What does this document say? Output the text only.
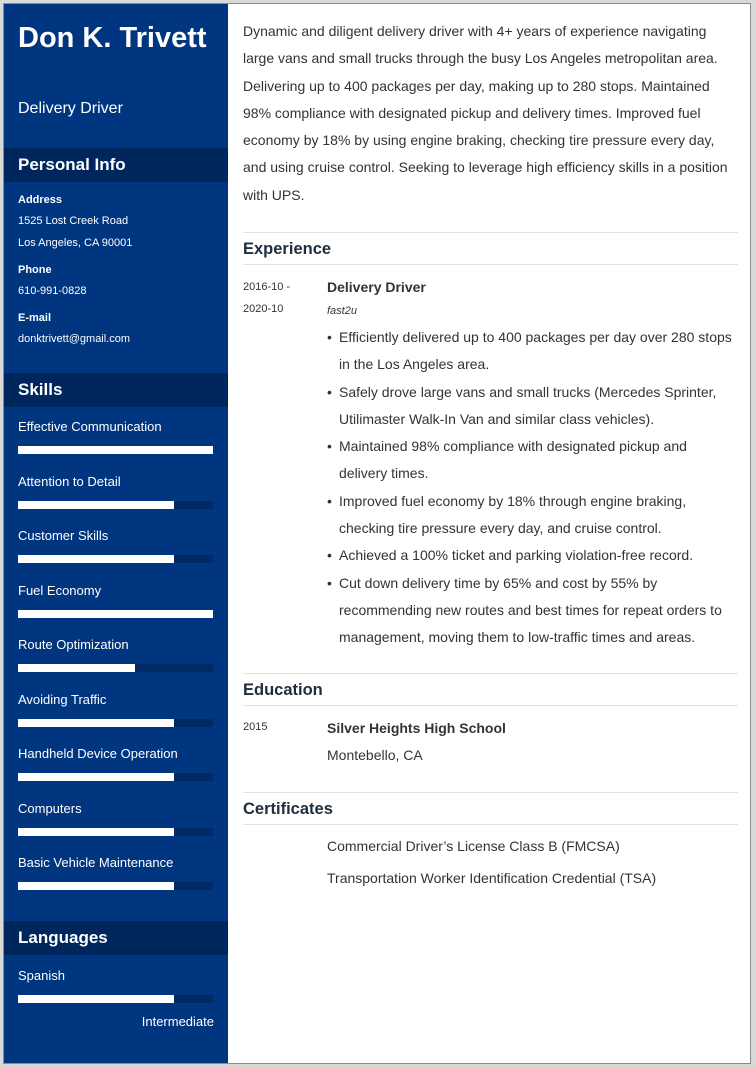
Don K. Trivett
Delivery Driver
Personal Info
Address
1525 Lost Creek Road
Los Angeles, CA 90001
Phone
610-991-0828
E-mail
donktrivett@gmail.com
Skills
Effective Communication
Attention to Detail
Customer Skills
Fuel Economy
Route Optimization
Avoiding Traffic
Handheld Device Operation
Computers
Basic Vehicle Maintenance
Languages
Spanish
Intermediate

Dynamic and diligent delivery driver with 4+ years of experience navigating large vans and small trucks through the busy Los Angeles metropolitan area. Delivering up to 400 packages per day, making up to 280 stops. Maintained 98% compliance with designated pickup and delivery times. Improved fuel economy by 18% by using engine braking, checking tire pressure every day, and using cruise control. Seeking to leverage high efficiency skills in a position with UPS.

Experience
2016-10 -
2020-10
Delivery Driver
fast2u
• Efficiently delivered up to 400 packages per day over 280 stops in the Los Angeles area.
• Safely drove large vans and small trucks (Mercedes Sprinter, Utilimaster Walk-In Van and similar class vehicles).
• Maintained 98% compliance with designated pickup and delivery times.
• Improved fuel economy by 18% through engine braking, checking tire pressure every day, and cruise control.
• Achieved a 100% ticket and parking violation-free record.
• Cut down delivery time by 65% and cost by 55% by recommending new routes and best times for repeat orders to management, moving them to low-traffic times and areas.
Education
2015	Silver Heights High School
Montebello, CA
Certificates
Commercial Driver’s License Class B (FMCSA)
Transportation Worker Identification Credential (TSA)
